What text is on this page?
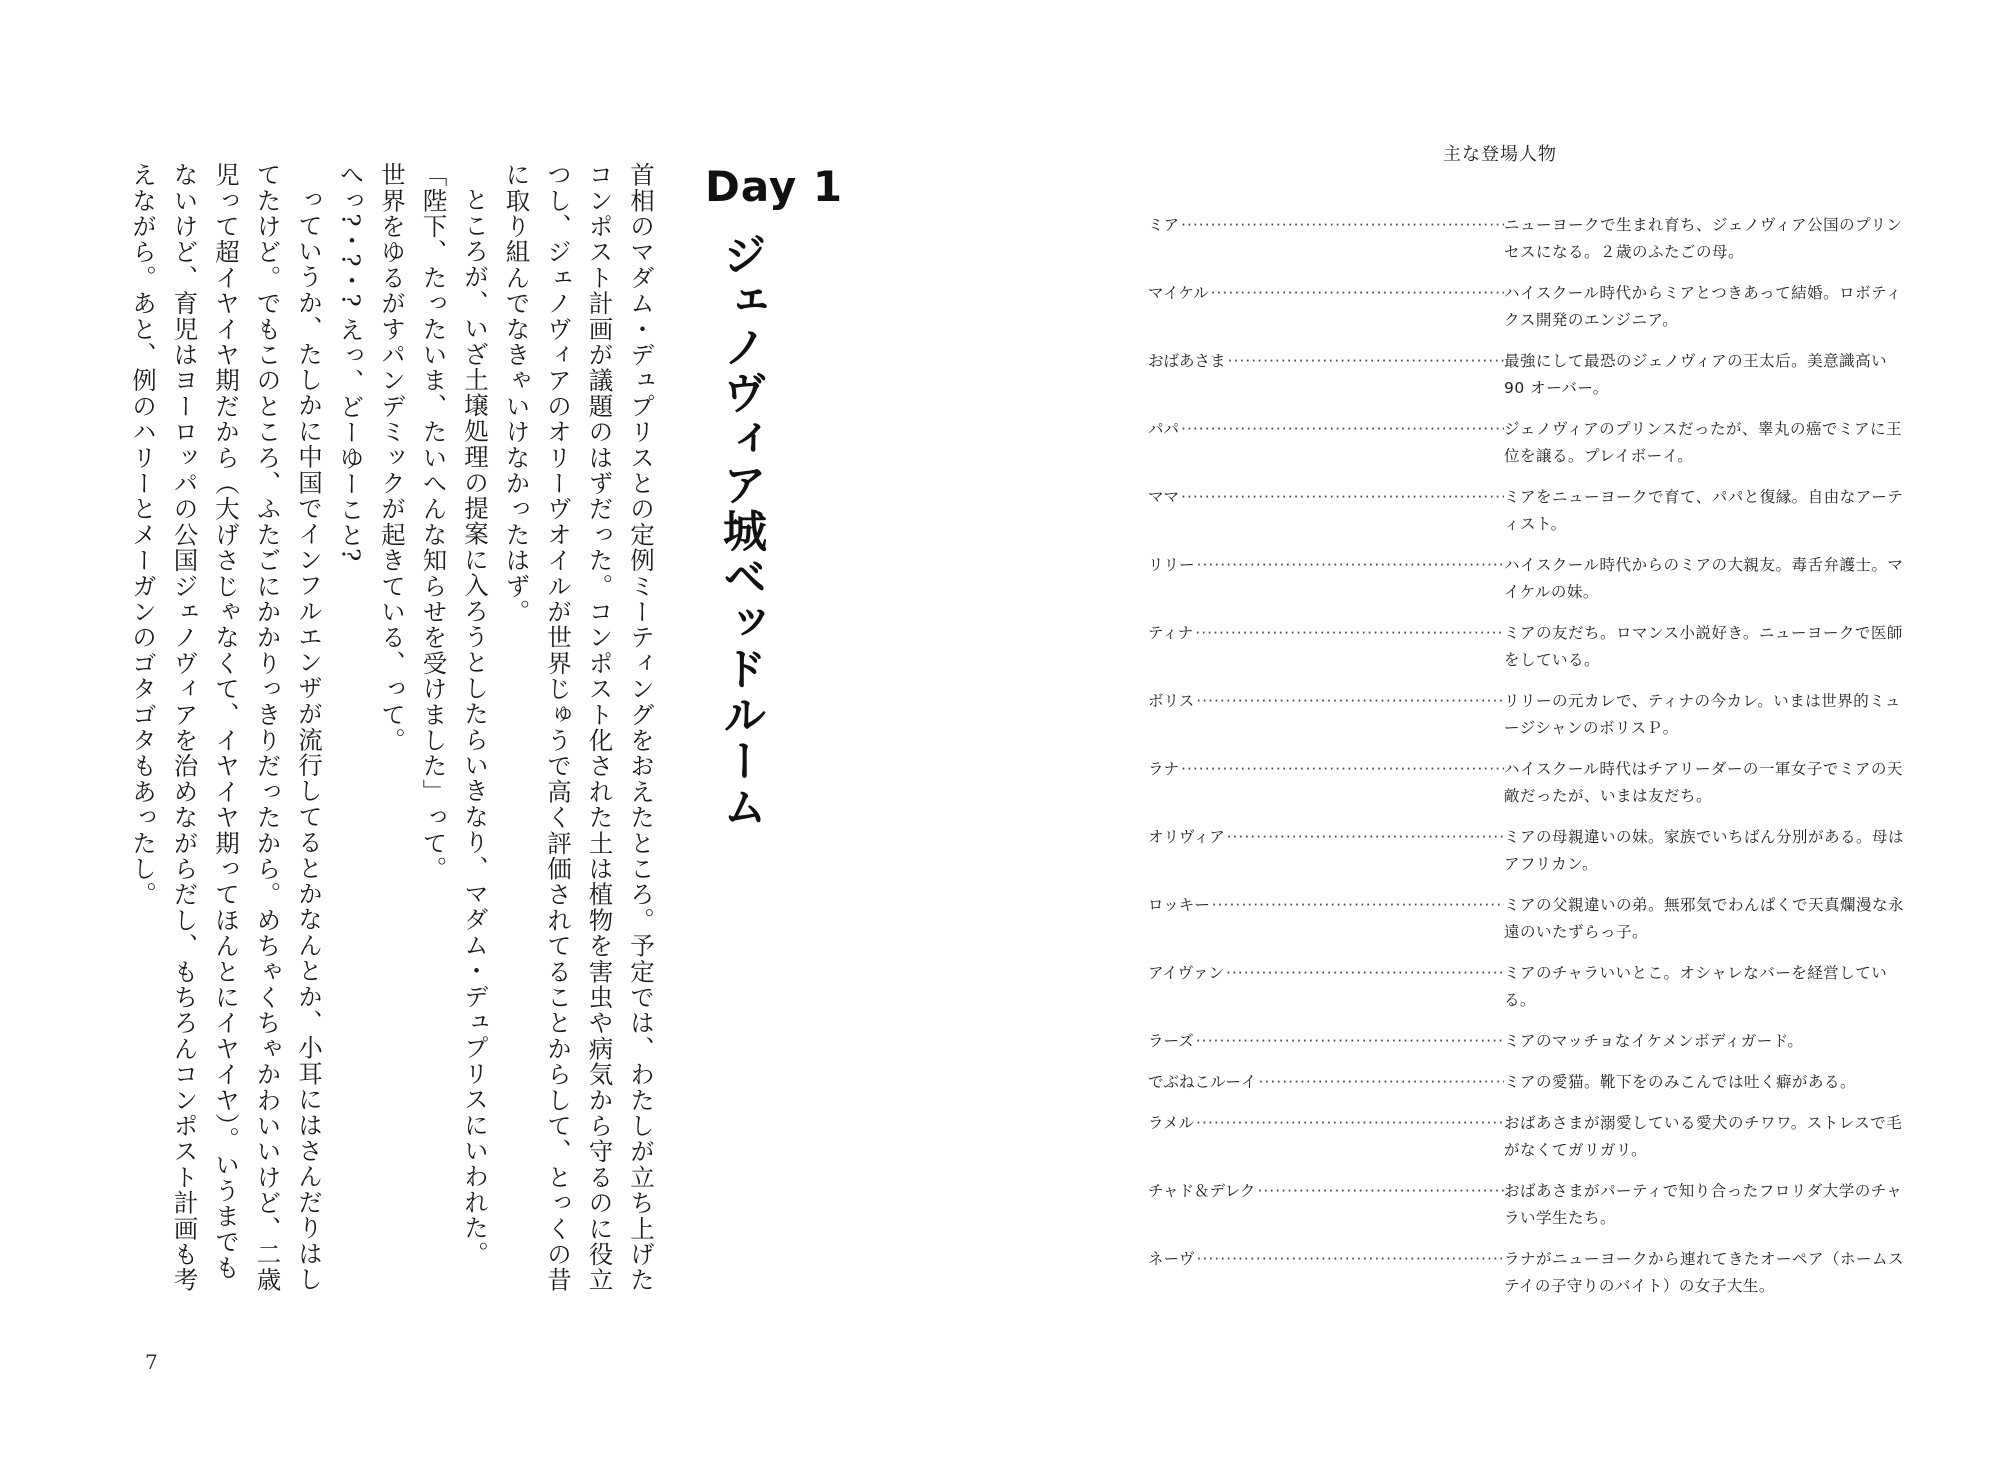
Day 1
ジェノヴィア城ベッドルーム

首相のマダム・デュプリスとの定例ミーティングをおえたところ。予定では、わたしが立ち上げたコンポスト計画が議題のはずだった。コンポスト化された土は植物を害虫や病気から守るのに役立つし、ジェノヴィアのオリーヴオイルが世界じゅうで高く評価されてることからして、とっくの昔に取り組んでなきゃいけなかったはず。

ところが、いざ土壌処理の提案に入ろうとしたらいきなり、マダム・デュプリスにいわれた。「陛下、たったいま、たいへんな知らせを受けました」って。

世界をゆるがすパンデミックが起きている、って。

へっ?・?・? えっ、どーゆーこと?

っていうか、たしかに中国でインフルエンザが流行してるとかなんとか、小耳にはさんだりはしてたけど。でもこのところ、ふたごにかかりっきりだったから。めちゃくちゃかわいいけど、二歳児って超イヤイヤ期だから（大げさじゃなくて、イヤイヤ期ってほんとにイヤイヤ）。いうまでもないけど、育児はヨーロッパの公国ジェノヴィアを治めながらだし、もちろんコンポスト計画も考えながら。あと、例のハリーとメーガンのゴタゴタもあったし。

7
主な登場人物
ミア ·····	ニューヨークで生まれ育ち、ジェノヴィア公国のプリンセスになる。２歳のふたごの母。
マイケル ·····	ハイスクール時代からミアとつきあって結婚。ロボティクス開発のエンジニア。
おばあさま ·····	最強にして最恐のジェノヴィアの王太后。美意識高い 90 オーバー。
パパ ·····	ジェノヴィアのプリンスだったが、睾丸の癌でミアに王位を譲る。プレイボーイ。
ママ ·····	ミアをニューヨークで育て、パパと復縁。自由なアーティスト。
リリー ·····	ハイスクール時代からのミアの大親友。毒舌弁護士。マイケルの妹。
ティナ ·····	ミアの友だち。ロマンス小説好き。ニューヨークで医師をしている。
ボリス ·····	リリーの元カレで、ティナの今カレ。いまは世界的ミュージシャンのボリスＰ。
ラナ ·····	ハイスクール時代はチアリーダーの一軍女子でミアの天敵だったが、いまは友だち。
オリヴィア ·····	ミアの母親違いの妹。家族でいちばん分別がある。母はアフリカン。
ロッキー ·····	ミアの父親違いの弟。無邪気でわんぱくで天真爛漫な永遠のいたずらっ子。
アイヴァン ·····	ミアのチャラいいとこ。オシャレなバーを経営している。
ラーズ ·····	ミアのマッチョなイケメンボディガード。
でぶねこルーイ ·····	ミアの愛猫。靴下をのみこんでは吐く癖がある。
ラメル ·····	おばあさまが溺愛している愛犬のチワワ。ストレスで毛がなくてガリガリ。
チャド＆デレク ·····	おばあさまがパーティで知り合ったフロリダ大学のチャラい学生たち。
ネーヴ ·····	ラナがニューヨークから連れてきたオーペア（ホームステイの子守りのバイト）の女子大生。
